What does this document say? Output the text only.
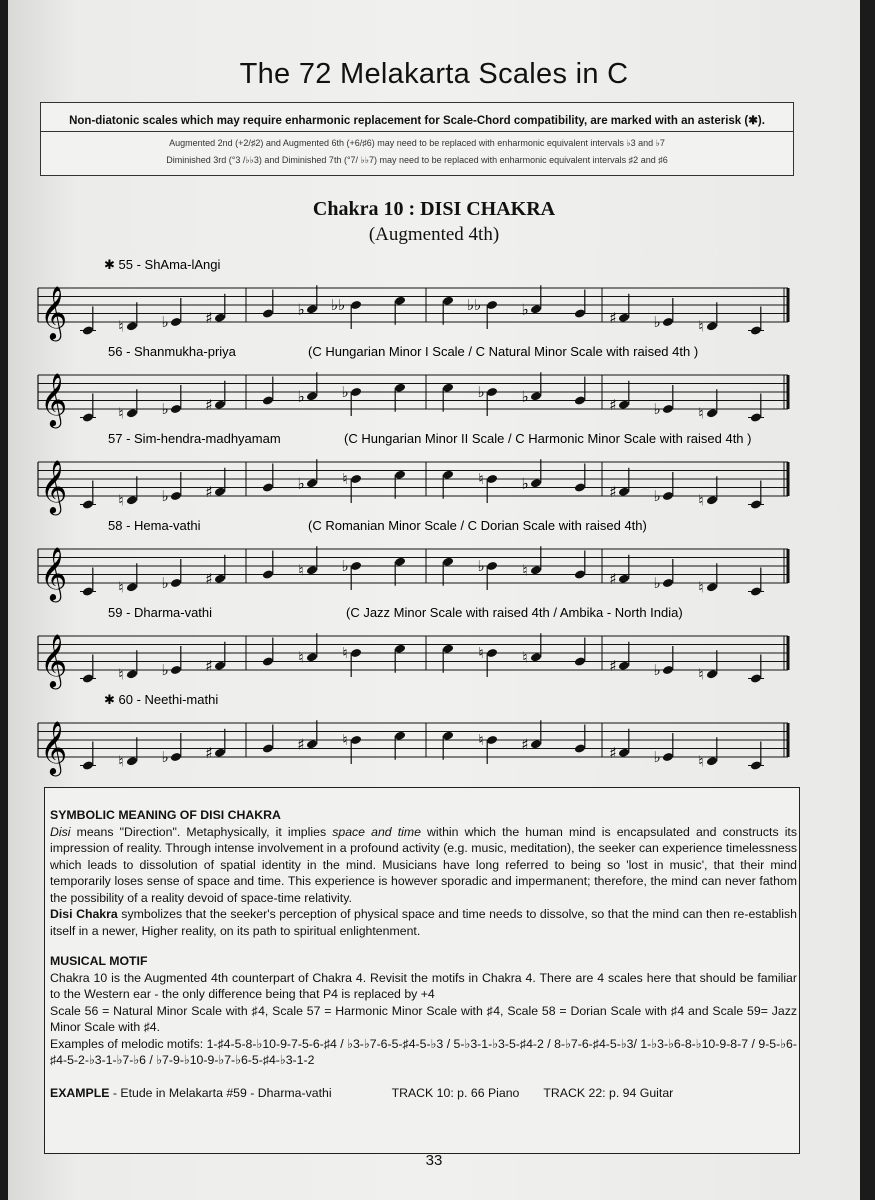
The 72 Melakarta Scales in C
Non-diatonic scales which may require enharmonic replacement for Scale-Chord compatibility, are marked with an asterisk (✱).
Augmented 2nd (+2/♯2) and Augmented 6th (+6/♯6) may need to be replaced with enharmonic equivalent intervals ♭3 and ♭7
Diminished 3rd (°3 /♭♭3) and Diminished 7th (°7/ ♭♭7) may need to be replaced with enharmonic equivalent intervals ♯2 and ♯6
Chakra 10 : DISI CHAKRA
(Augmented 4th)
𝄞
✱ 55 - ShAma-lAngi
♮	♭ ♯	♭ ♭♭	♭♭	♭	♯ ♭	♮
𝄞
56 - Shanmukha-priya	(C Hungarian Minor I Scale / C Natural Minor Scale with raised 4th )
♮	♭ ♯	♭ ♭	♭ ♭	♯ ♭	♮
𝄞
57 - Sim-hendra-madhyamam	(C Hungarian Minor II Scale / C Harmonic Minor Scale with raised 4th )
♮	♭ ♯	♭	♮	♮	♭	♯ ♭	♮
𝄞
58 - Hema-vathi	(C Romanian Minor Scale / C Dorian Scale with raised 4th)
♮	♭ ♯	♮	♭	♭	♮	♯ ♭	♮
𝄞
59 - Dharma-vathi	(C Jazz Minor Scale with raised 4th / Ambika - North India)
♮	♭ ♯	♮	♮	♮	♮	♯ ♭	♮
𝄞
✱ 60 - Neethi-mathi
♮	♭ ♯	♯	♮	♮	♯	♯ ♭	♮
SYMBOLIC MEANING OF DISI CHAKRA

Disi means "Direction". Metaphysically, it implies space and time within which the human mind is encapsulated and constructs its impression of reality. Through intense involvement in a profound activity (e.g. music, meditation), the seeker can experience timelessness which leads to dissolution of spatial identity in the mind. Musicians have long referred to being so 'lost in music', that their mind temporarily loses sense of space and time. This experience is however sporadic and impermanent; therefore, the mind can never fathom the possibility of a reality devoid of space-time relativity.

Disi Chakra symbolizes that the seeker's perception of physical space and time needs to dissolve, so that the mind can then re-establish itself in a newer, Higher reality, on its path to spiritual enlightenment.

MUSICAL MOTIF

Chakra 10 is the Augmented 4th counterpart of Chakra 4. Revisit the motifs in Chakra 4. There are 4 scales here that should be familiar to the Western ear - the only difference being that P4 is replaced by +4

Scale 56 = Natural Minor Scale with ♯4, Scale 57 = Harmonic Minor Scale with ♯4, Scale 58 = Dorian Scale with ♯4 and Scale 59= Jazz Minor Scale with ♯4.

Examples of melodic motifs: 1-♯4-5-8-♭10-9-7-5-6-♯4 / ♭3-♭7-6-5-♯4-5-♭3 / 5-♭3-1-♭3-5-♯4-2 / 8-♭7-6-♯4-5-♭3/ 1-♭3-♭6-8-♭10-9-8-7 / 9-5-♭6-♯4-5-2-♭3-1-♭7-♭6 / ♭7-9-♭10-9-♭7-♭6-5-♯4-♭3-1-2

EXAMPLE - Etude in Melakarta #59 - Dharma-vathi	TRACK 10: p. 66 Piano TRACK 22: p. 94 Guitar
33
